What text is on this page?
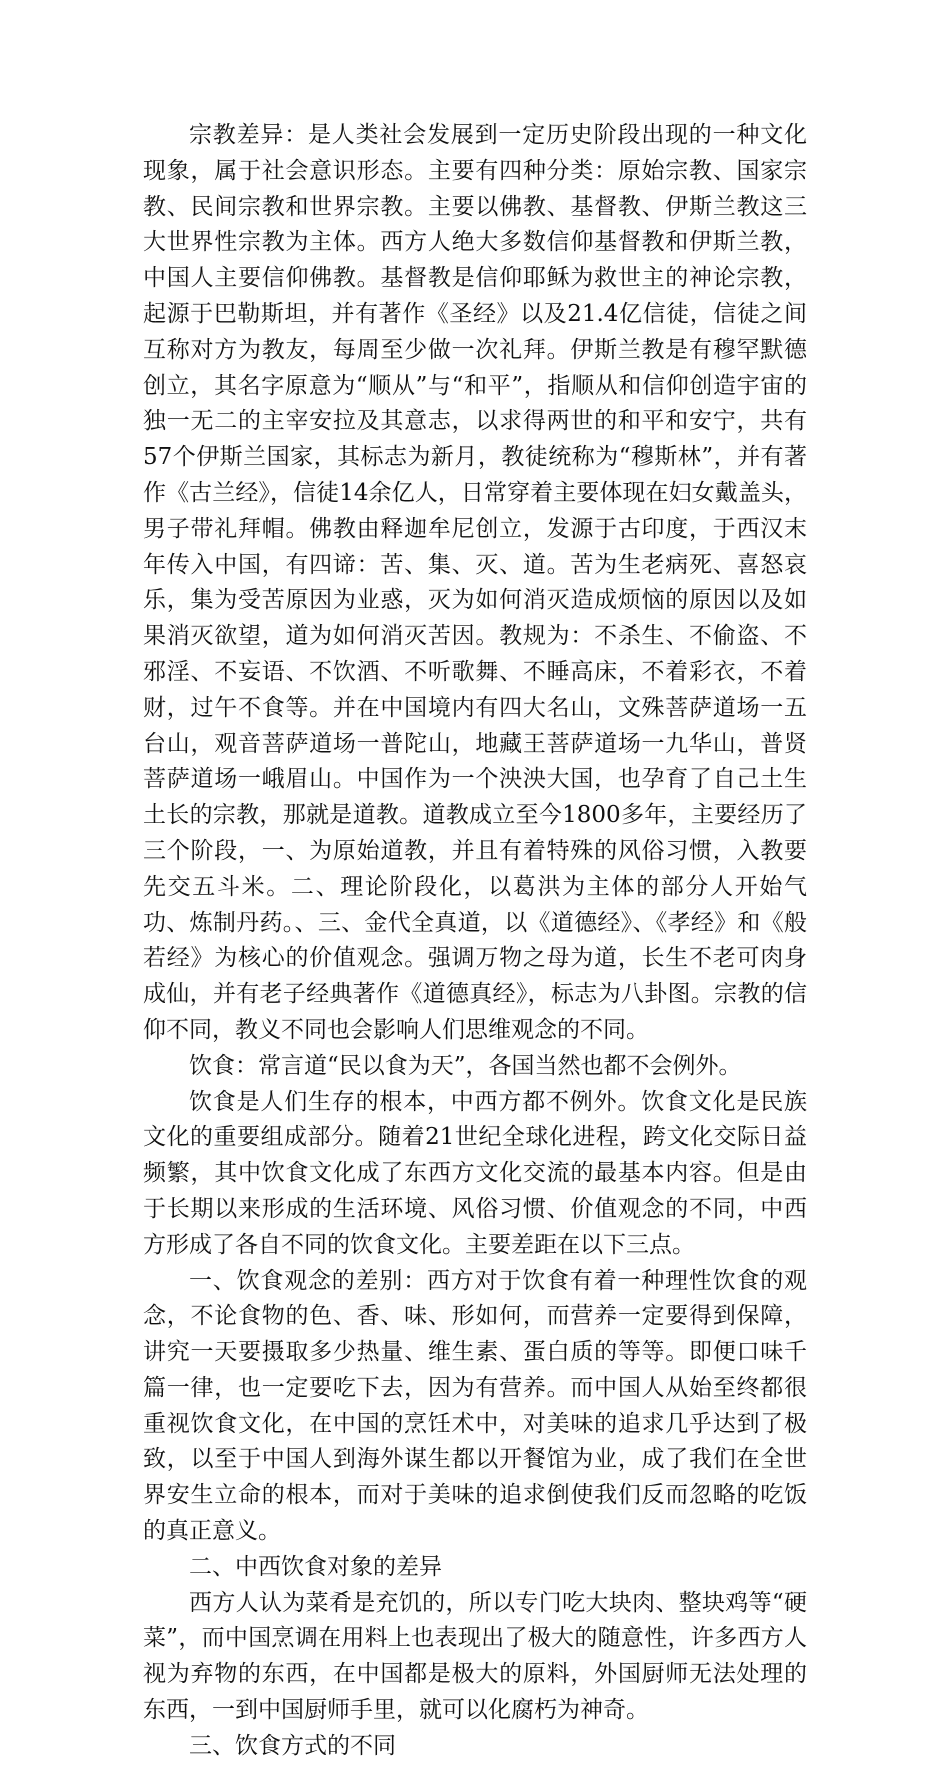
宗教差异：是人类社会发展到一定历史阶段出现的一种文化现象，属于社会意识形态。主要有四种分类：原始宗教、国家宗教、民间宗教和世界宗教。主要以佛教、基督教、伊斯兰教这三大世界性宗教为主体。西方人绝大多数信仰基督教和伊斯兰教，中国人主要信仰佛教。基督教是信仰耶稣为救世主的神论宗教，起源于巴勒斯坦，并有著作《圣经》以及21.4亿信徒，信徒之间互称对方为教友，每周至少做一次礼拜。伊斯兰教是有穆罕默德创立，其名字原意为“顺从”与“和平”，指顺从和信仰创造宇宙的独一无二的主宰安拉及其意志，以求得两世的和平和安宁，共有57个伊斯兰国家，其标志为新月，教徒统称为“穆斯林”，并有著作《古兰经》，信徒14余亿人，日常穿着主要体现在妇女戴盖头，男子带礼拜帽。佛教由释迦牟尼创立，发源于古印度，于西汉末年传入中国，有四谛：苦、集、灭、道。苦为生老病死、喜怒哀乐，集为受苦原因为业惑，灭为如何消灭造成烦恼的原因以及如果消灭欲望，道为如何消灭苦因。教规为：不杀生、不偷盗、不邪淫、不妄语、不饮酒、不听歌舞、不睡高床，不着彩衣，不着财，过午不食等。并在中国境内有四大名山，文殊菩萨道场一五台山，观音菩萨道场一普陀山，地藏王菩萨道场一九华山，普贤菩萨道场一峨眉山。中国作为一个泱泱大国，也孕育了自己土生土长的宗教，那就是道教。道教成立至今1800多年，主要经历了三个阶段，一、为原始道教，并且有着特殊的风俗习惯，入教要先交五斗米。二、理论阶段化，以葛洪为主体的部分人开始气功、炼制丹药。、三、金代全真道，以《道德经》、《孝经》和《般若经》为核心的价值观念。强调万物之母为道，长生不老可肉身成仙，并有老子经典著作《道德真经》，标志为八卦图。宗教的信仰不同，教义不同也会影响人们思维观念的不同。

饮食：常言道“民以食为天”，各国当然也都不会例外。

饮食是人们生存的根本，中西方都不例外。饮食文化是民族文化的重要组成部分。随着21世纪全球化进程，跨文化交际日益频繁，其中饮食文化成了东西方文化交流的最基本内容。但是由于长期以来形成的生活环境、风俗习惯、价值观念的不同，中西方形成了各自不同的饮食文化。主要差距在以下三点。

一、饮食观念的差别：西方对于饮食有着一种理性饮食的观念，不论食物的色、香、味、形如何，而营养一定要得到保障，讲究一天要摄取多少热量、维生素、蛋白质的等等。即便口味千篇一律，也一定要吃下去，因为有营养。而中国人从始至终都很重视饮食文化，在中国的烹饪术中，对美味的追求几乎达到了极致，以至于中国人到海外谋生都以开餐馆为业，成了我们在全世界安生立命的根本，而对于美味的追求倒使我们反而忽略的吃饭的真正意义。

二、中西饮食对象的差异

西方人认为菜肴是充饥的，所以专门吃大块肉、整块鸡等“硬菜”，而中国烹调在用料上也表现出了极大的随意性，许多西方人视为弃物的东西，在中国都是极大的原料，外国厨师无法处理的东西，一到中国厨师手里，就可以化腐朽为神奇。

三、饮食方式的不同
